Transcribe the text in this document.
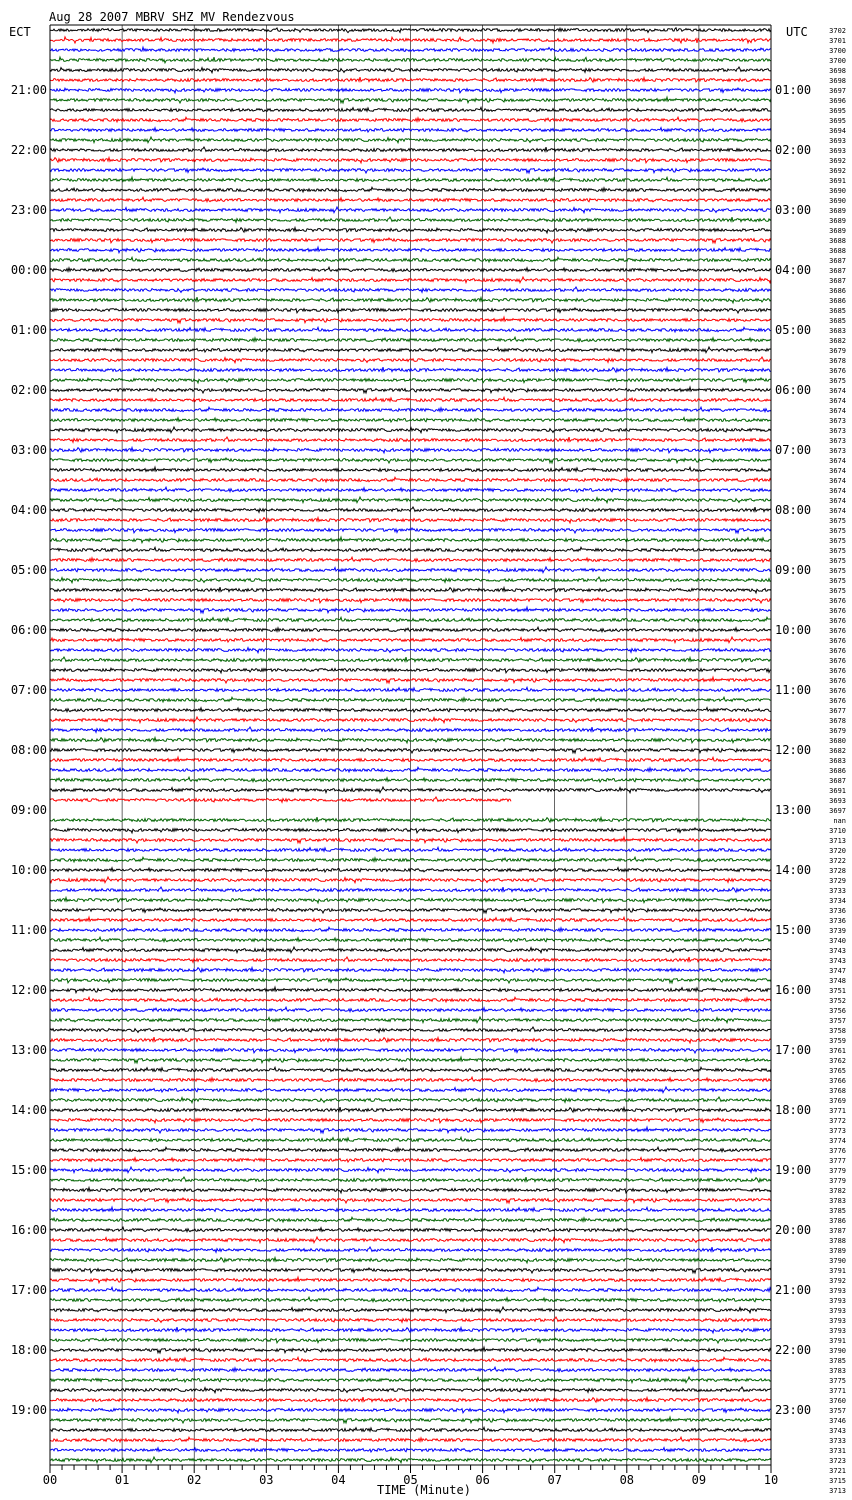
Aug 28 2007 MBRV SHZ MV Rendezvous
ECT	UTC
TIME (Minute)
21:00
22:00
23:00
00:00
01:00
02:00
03:00
04:00
05:00
06:00
07:00
08:00
09:00
10:00
11:00
12:00
13:00
14:00
15:00
16:00
17:00
18:00
19:00
01:00
02:00
03:00
04:00
05:00
06:00
07:00
08:00
09:00
10:00
11:00
12:00
13:00
14:00
15:00
16:00
17:00
18:00
19:00
20:00
21:00
22:00
23:00
3702
3701
3700
3700
3698
3698
3697
3696
3695
3695
3694
3693
3693
3692
3692
3691
3690
3690
3689
3689
3689
3688
3688
3687
3687
3687
3686
3686
3685
3685
3683
3682
3679
3678
3676
3675
3674
3674
3674
3673
3673
3673
3673
3674
3674
3674
3674
3674
3674
3675
3675
3675
3675
3675
3675
3675
3675
3676
3676
3676
3676
3676
3676
3676
3676
3676
3676
3676
3677
3678
3679
3680
3682
3683
3686
3687
3691
3693
3697
nan
3710
3713
3720
3722
3728
3729
3733
3734
3736
3736
3739
3740
3743
3743
3747
3748
3751
3752
3756
3757
3758
3759
3761
3762
3765
3766
3768
3769
3771
3772
3773
3774
3776
3777
3779
3779
3782
3783
3785
3786
3787
3788
3789
3790
3791
3792
3793
3793
3793
3793
3793
3791
3790
3785
3783
3775
3771
3760
3757
3746
3743
3733
3731
3723
3721
3715
3713
00	01	02	03	04	05	06	07	08	09	10
